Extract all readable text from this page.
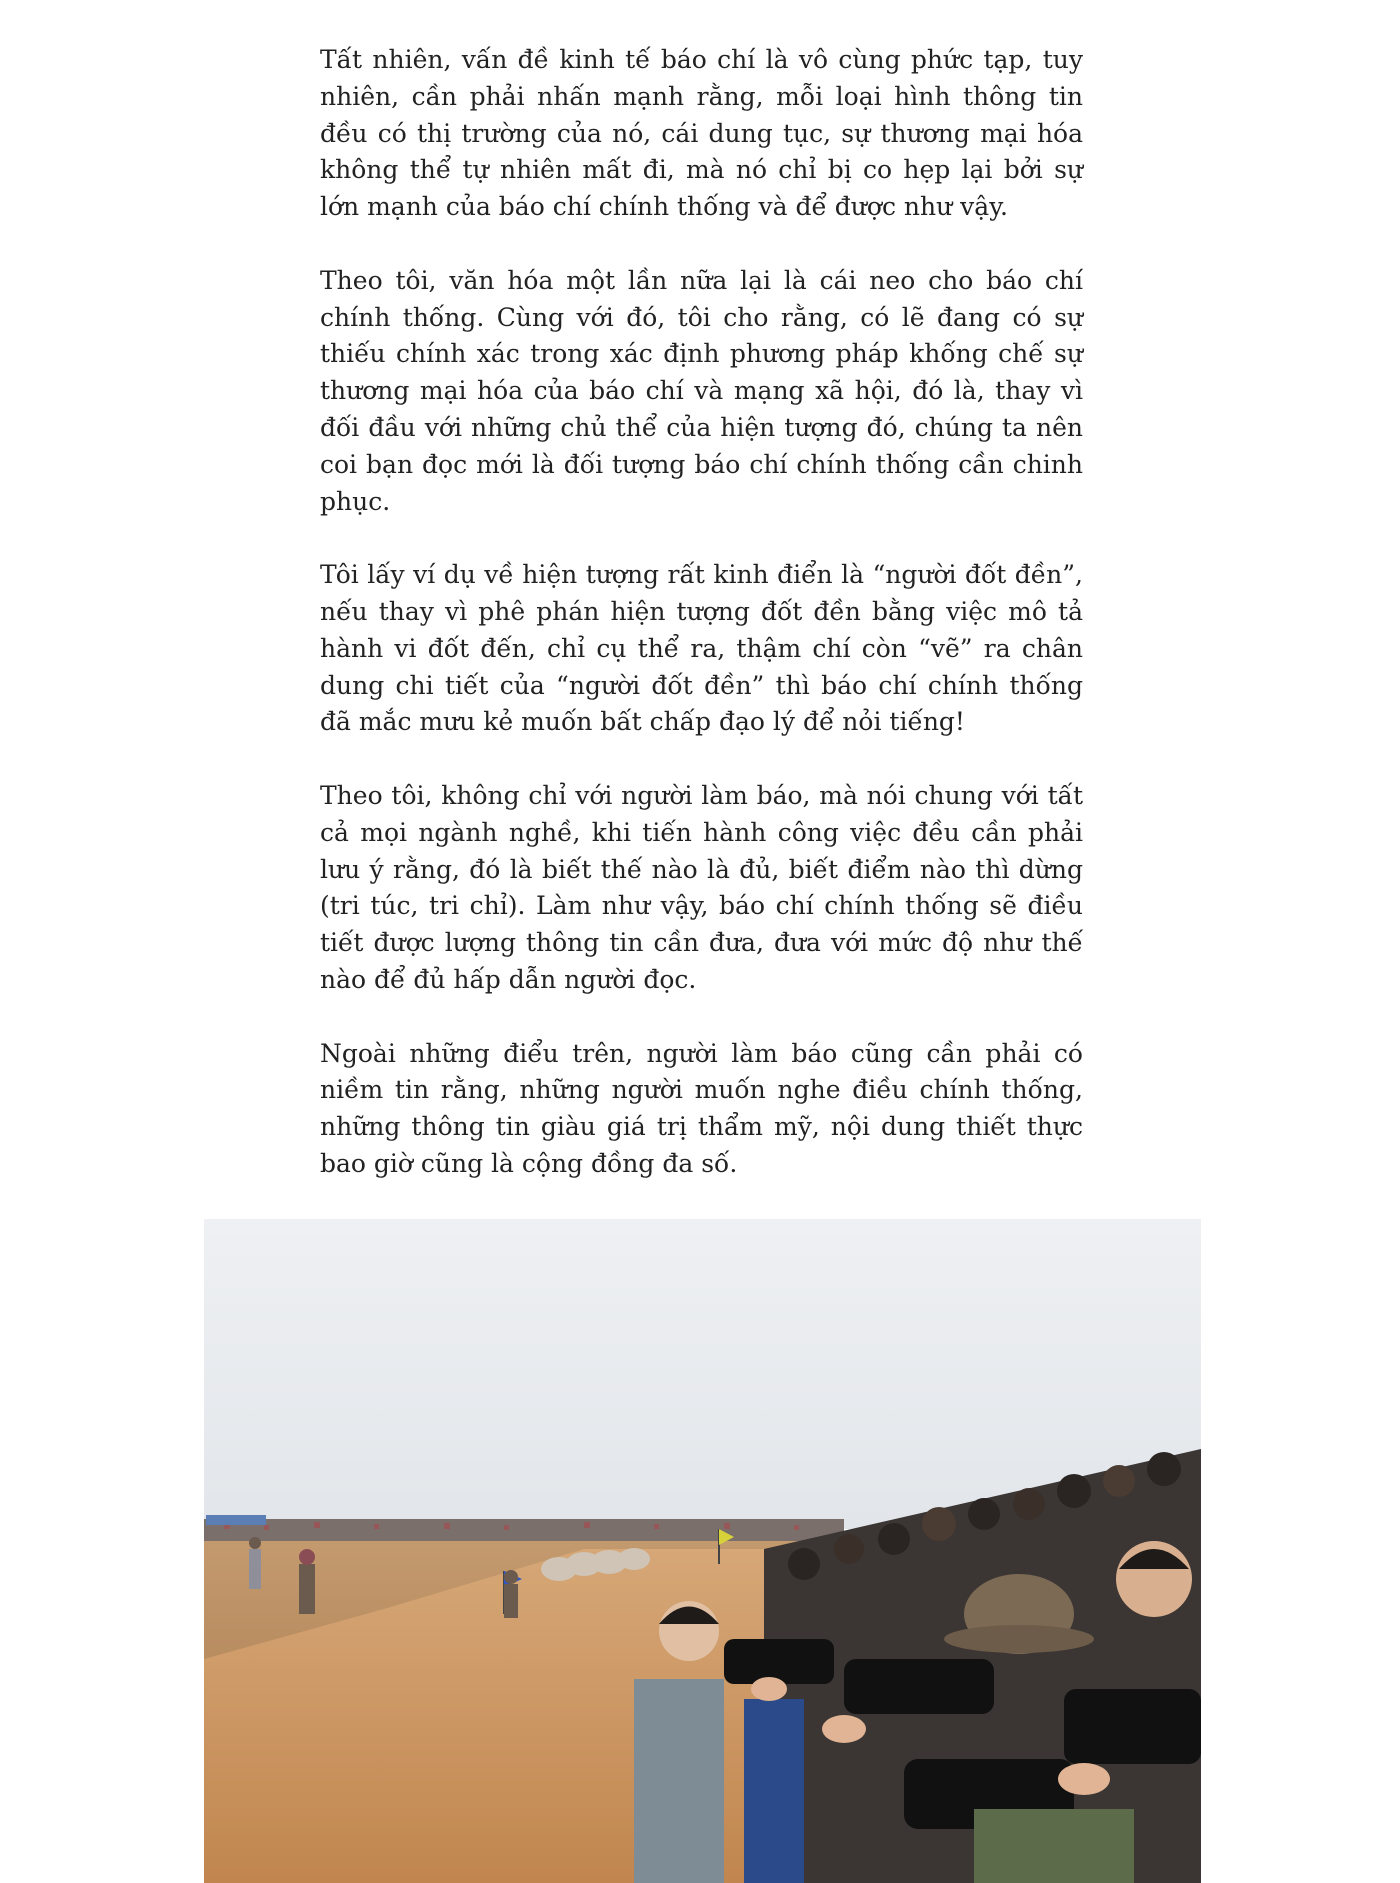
Tất nhiên, vấn đề kinh tế báo chí là vô cùng phức tạp, tuy nhiên, cần phải nhấn mạnh rằng, mỗi loại hình thông tin đều có thị trường của nó, cái dung tục, sự thương mại hóa không thể tự nhiên mất đi, mà nó chỉ bị co hẹp lại bởi sự lớn mạnh của báo chí chính thống và để được như vậy.

Theo tôi, văn hóa một lần nữa lại là cái neo cho báo chí chính thống. Cùng với đó, tôi cho rằng, có lẽ đang có sự thiếu chính xác trong xác định phương pháp khống chế sự thương mại hóa của báo chí và mạng xã hội, đó là, thay vì đối đầu với những chủ thể của hiện tượng đó, chúng ta nên coi bạn đọc mới là đối tượng báo chí chính thống cần chinh phục.

Tôi lấy ví dụ về hiện tượng rất kinh điển là “người đốt đền”, nếu thay vì phê phán hiện tượng đốt đền bằng việc mô tả hành vi đốt đến, chỉ cụ thể ra, thậm chí còn “vẽ” ra chân dung chi tiết của “người đốt đền” thì báo chí chính thống đã mắc mưu kẻ muốn bất chấp đạo lý để nỏi tiếng!

Theo tôi, không chỉ với người làm báo, mà nói chung với tất cả mọi ngành nghề, khi tiến hành công việc đều cần phải lưu ý rằng, đó là biết thế nào là đủ, biết điểm nào thì dừng (tri túc, tri chỉ). Làm như vậy, báo chí chính thống sẽ điều tiết được lượng thông tin cần đưa, đưa với mức độ như thế nào để đủ hấp dẫn người đọc.

Ngoài những điểu trên, người làm báo cũng cần phải có niềm tin rằng, những người muốn nghe điều chính thống, những thông tin giàu giá trị thẩm mỹ, nội dung thiết thực bao giờ cũng là cộng đồng đa số.
